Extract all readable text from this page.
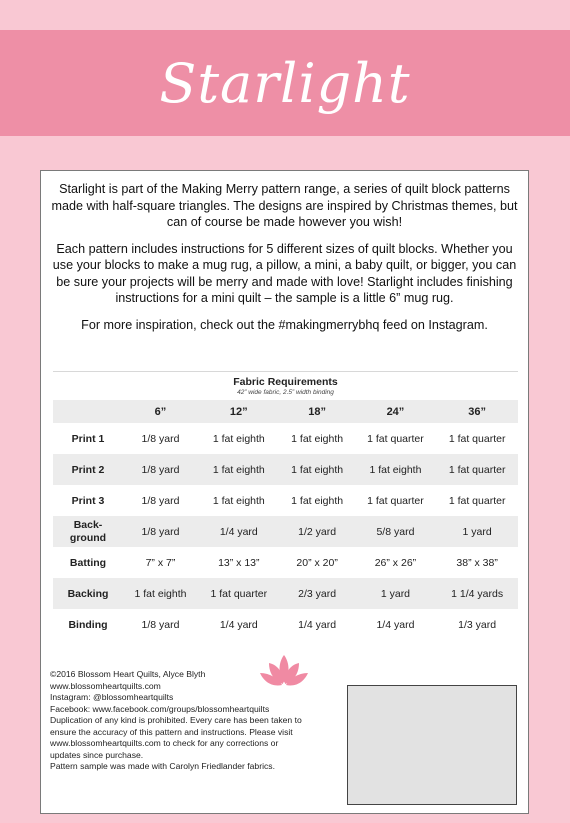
Starlight

Starlight is part of the Making Merry pattern range, a series of quilt block patterns made with half-square triangles. The designs are inspired by Christmas themes, but can of course be made however you wish!

Each pattern includes instructions for 5 different sizes of quilt blocks. Whether you use your blocks to make a mug rug, a pillow, a mini, a baby quilt, or bigger, you can be sure your projects will be merry and made with love! Starlight includes finishing instructions for a mini quilt – the sample is a little 6” mug rug.

For more inspiration, check out the #makingmerrybhq feed on Instagram.

Fabric Requirements
42” wide fabric, 2.5” width binding
	6”	12”	18”	24”	36”
Print 1	1/8 yard	1 fat eighth	1 fat eighth	1 fat quarter	1 fat quarter
Print 2	1/8 yard	1 fat eighth	1 fat eighth	1 fat eighth	1 fat quarter
Print 3	1/8 yard	1 fat eighth	1 fat eighth	1 fat quarter	1 fat quarter
Back-
ground	1/8 yard	1/4 yard	1/2 yard	5/8 yard	1 yard
Batting	7” x 7”	13” x 13”	20” x 20”	26” x 26”	38” x 38”
Backing	1 fat eighth	1 fat quarter	2/3 yard	1 yard	1 1/4 yards
Binding	1/8 yard	1/4 yard	1/4 yard	1/4 yard	1/3 yard
©2016 Blossom Heart Quilts, Alyce Blyth
www.blossomheartquilts.com
Instagram: @blossomheartquilts
Facebook: www.facebook.com/groups/blossomheartquilts
Duplication of any kind is prohibited. Every care has been taken to
ensure the accuracy of this pattern and instructions. Please visit
www.blossomheartquilts.com to check for any corrections or
updates since purchase.
Pattern sample was made with Carolyn Friedlander fabrics.
